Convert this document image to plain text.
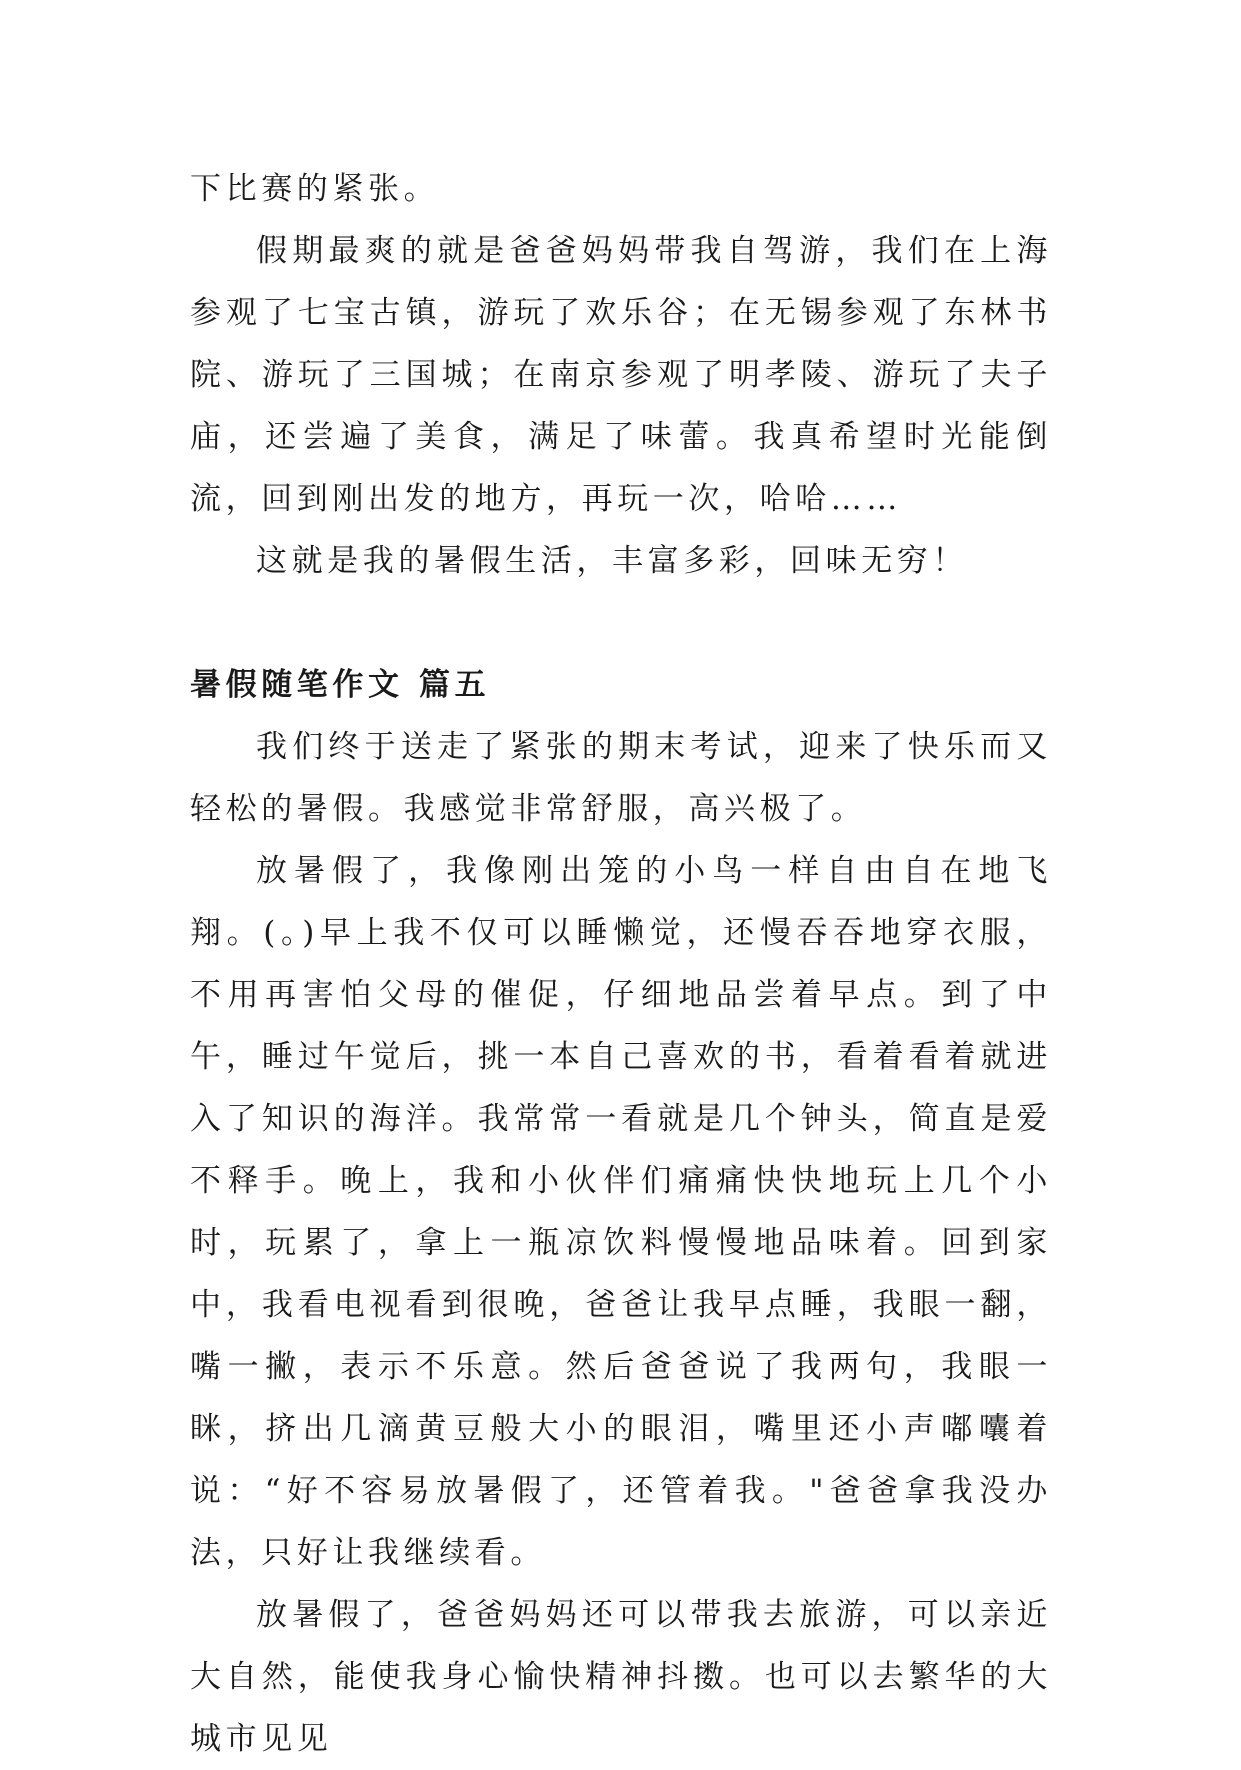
下比赛的紧张。

假期最爽的就是爸爸妈妈带我自驾游，我们在上海参观了七宝古镇，游玩了欢乐谷；在无锡参观了东林书院、游玩了三国城；在南京参观了明孝陵、游玩了夫子庙，还尝遍了美食，满足了味蕾。我真希望时光能倒流，回到刚出发的地方，再玩一次，哈哈……

这就是我的暑假生活，丰富多彩，回味无穷！

暑假随笔作文 篇五

我们终于送走了紧张的期末考试，迎来了快乐而又轻松的暑假。我感觉非常舒服，高兴极了。

放暑假了，我像刚出笼的小鸟一样自由自在地飞翔。(。)早上我不仅可以睡懒觉，还慢吞吞地穿衣服，不用再害怕父母的催促，仔细地品尝着早点。到了中午，睡过午觉后，挑一本自己喜欢的书，看着看着就进入了知识的海洋。我常常一看就是几个钟头，简直是爱不释手。晚上，我和小伙伴们痛痛快快地玩上几个小时，玩累了，拿上一瓶凉饮料慢慢地品味着。回到家中，我看电视看到很晚，爸爸让我早点睡，我眼一翻，嘴一撇，表示不乐意。然后爸爸说了我两句，我眼一眯，挤出几滴黄豆般大小的眼泪，嘴里还小声嘟囔着说：“好不容易放暑假了，还管着我。"爸爸拿我没办法，只好让我继续看。

放暑假了，爸爸妈妈还可以带我去旅游，可以亲近大自然，能使我身心愉快精神抖擞。也可以去繁华的大城市见见
